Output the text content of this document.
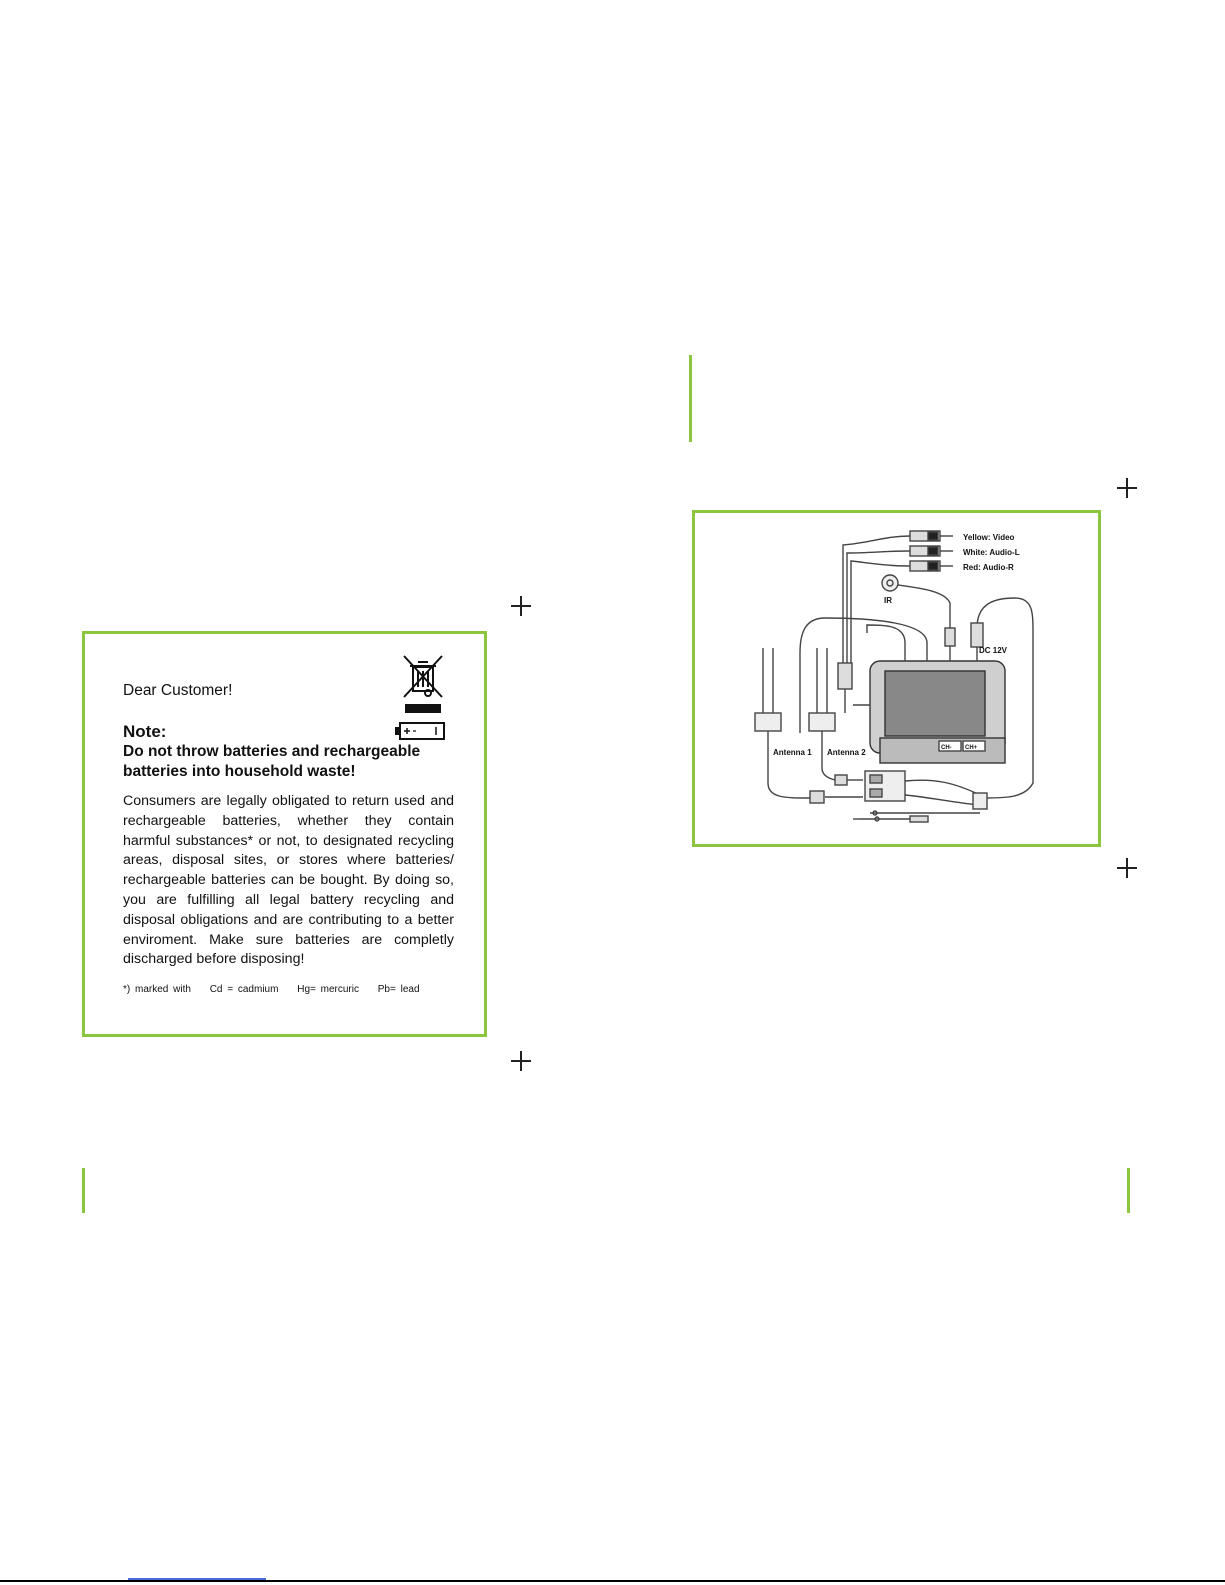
Dear Customer!
Note:
Do not throw batteries and rechargeable batteries into household waste!
Consumers are legally obligated to return used and rechargeable batteries, whether they contain harmful substances* or not, to designated recycling areas, disposal sites, or stores where batteries/ rechargeable batteries can be bought. By doing so, you are fulfilling all legal battery recycling and disposal obligations and are contributing to a better enviroment. Make sure batteries are completly discharged before disposing!
*) marked with Cd = cadmium Hg= mercuric Pb= lead
Yellow: Video
White: Audio-L
Red: Audio-R
IR
DC 12V
Antenna 1 Antenna 2	CH- CH+
